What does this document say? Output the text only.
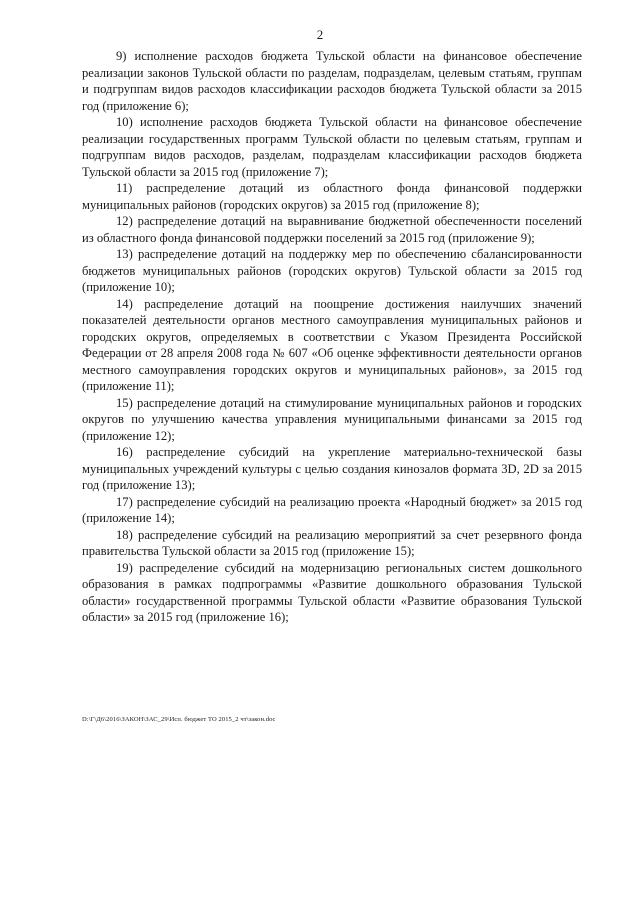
2

9) исполнение расходов бюджета Тульской области на финансовое обеспечение реализации законов Тульской области по разделам, подразделам, целевым статьям, группам и подгруппам видов расходов классификации расходов бюджета Тульской области за 2015 год (приложение 6);

10) исполнение расходов бюджета Тульской области на финансовое обеспечение реализации государственных программ Тульской области по целевым статьям, группам и подгруппам видов расходов, разделам, подразделам классификации расходов бюджета Тульской области за 2015 год (приложение 7);

11) распределение дотаций из областного фонда финансовой поддержки муниципальных районов (городских округов) за 2015 год (приложение 8);

12) распределение дотаций на выравнивание бюджетной обеспеченности поселений из областного фонда финансовой поддержки поселений за 2015 год (приложение 9);

13) распределение дотаций на поддержку мер по обеспечению сбалансированности бюджетов муниципальных районов (городских округов) Тульской области за 2015 год (приложение 10);

14) распределение дотаций на поощрение достижения наилучших значений показателей деятельности органов местного самоуправления муниципальных районов и городских округов, определяемых в соответствии с Указом Президента Российской Федерации от 28 апреля 2008 года № 607 «Об оценке эффективности деятельности органов местного самоуправления городских округов и муниципальных районов», за 2015 год (приложение 11);

15) распределение дотаций на стимулирование муниципальных районов и городских округов по улучшению качества управления муниципальными финансами за 2015 год (приложение 12);

16) распределение субсидий на укрепление материально-технической базы муниципальных учреждений культуры с целью создания кинозалов формата 3D, 2D за 2015 год (приложение 13);

17) распределение субсидий на реализацию проекта «Народный бюджет» за 2015 год (приложение 14);

18) распределение субсидий на реализацию мероприятий за счет резервного фонда правительства Тульской области за 2015 год (приложение 15);

19) распределение субсидий на модернизацию региональных систем дошкольного образования в рамках подпрограммы «Развитие дошкольного образования Тульской области» государственной программы Тульской области «Развитие образования Тульской области» за 2015 год (приложение 16);

D:\Г\Д6\2016\ЗАКОН\ЗАС_29\Исп. бюджет ТО 2015_2 чт\закон.doc
